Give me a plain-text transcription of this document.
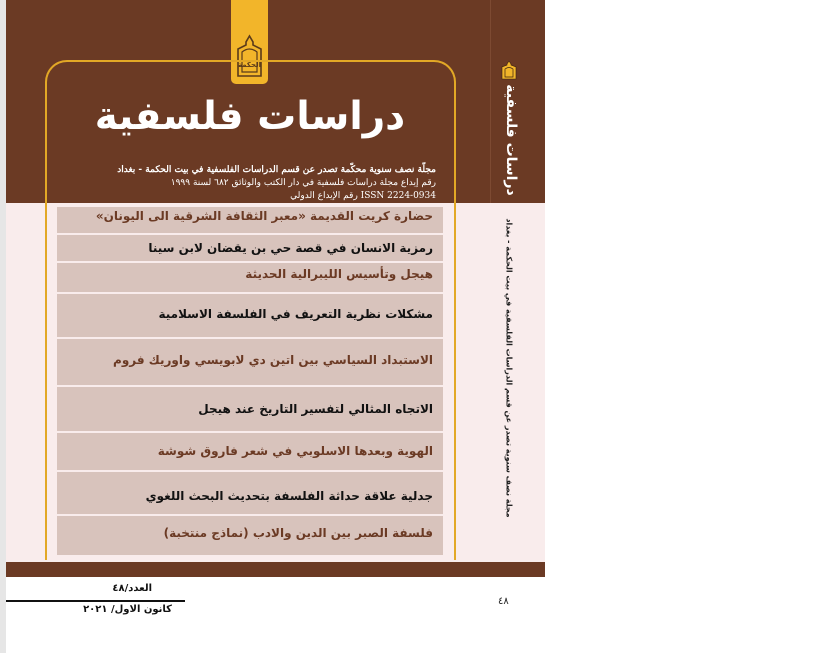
الحكمة
دراسات فلسفية
مجلّة نصف سنوية محكّمة تصدر عن قسم الدراسات الفلسفية في بيت الحكمة - بغداد
رقم إيداع مجلة دراسات فلسفية في دار الكتب والوثائق ٦٨٢ لسنة ١٩٩٩
رقم الإيداع الدولي ISSN 2224-0934
حضارة كريت القديمة «معبر الثقافة الشرقية الى اليونان»
رمزية الانسان في قصة حي بن يقضان لابن سينا
هيجل وتأسيس الليبرالية الحديثة
مشكلات نظرية التعريف في الفلسفة الاسلامية
الاستبداد السياسي بين اتين دي لابويسي واوريك فروم
الاتجاه المثالي لتفسير التاريخ عند هيجل
الهوية وبعدها الاسلوبي في شعر فاروق شوشة
جدلية علاقة حداثة الفلسفة بتحديث البحث اللغوي
فلسفة الصبر بين الدين والادب (نماذج منتخبة)
دراسات فلسفية
مجلة نصف سنوية تصدر عن قسم الدراسات الفلسفية في بيت الحكمة - بغداد
العدد/٤٨
كانون الاول/ ٢٠٢١
٤٨
